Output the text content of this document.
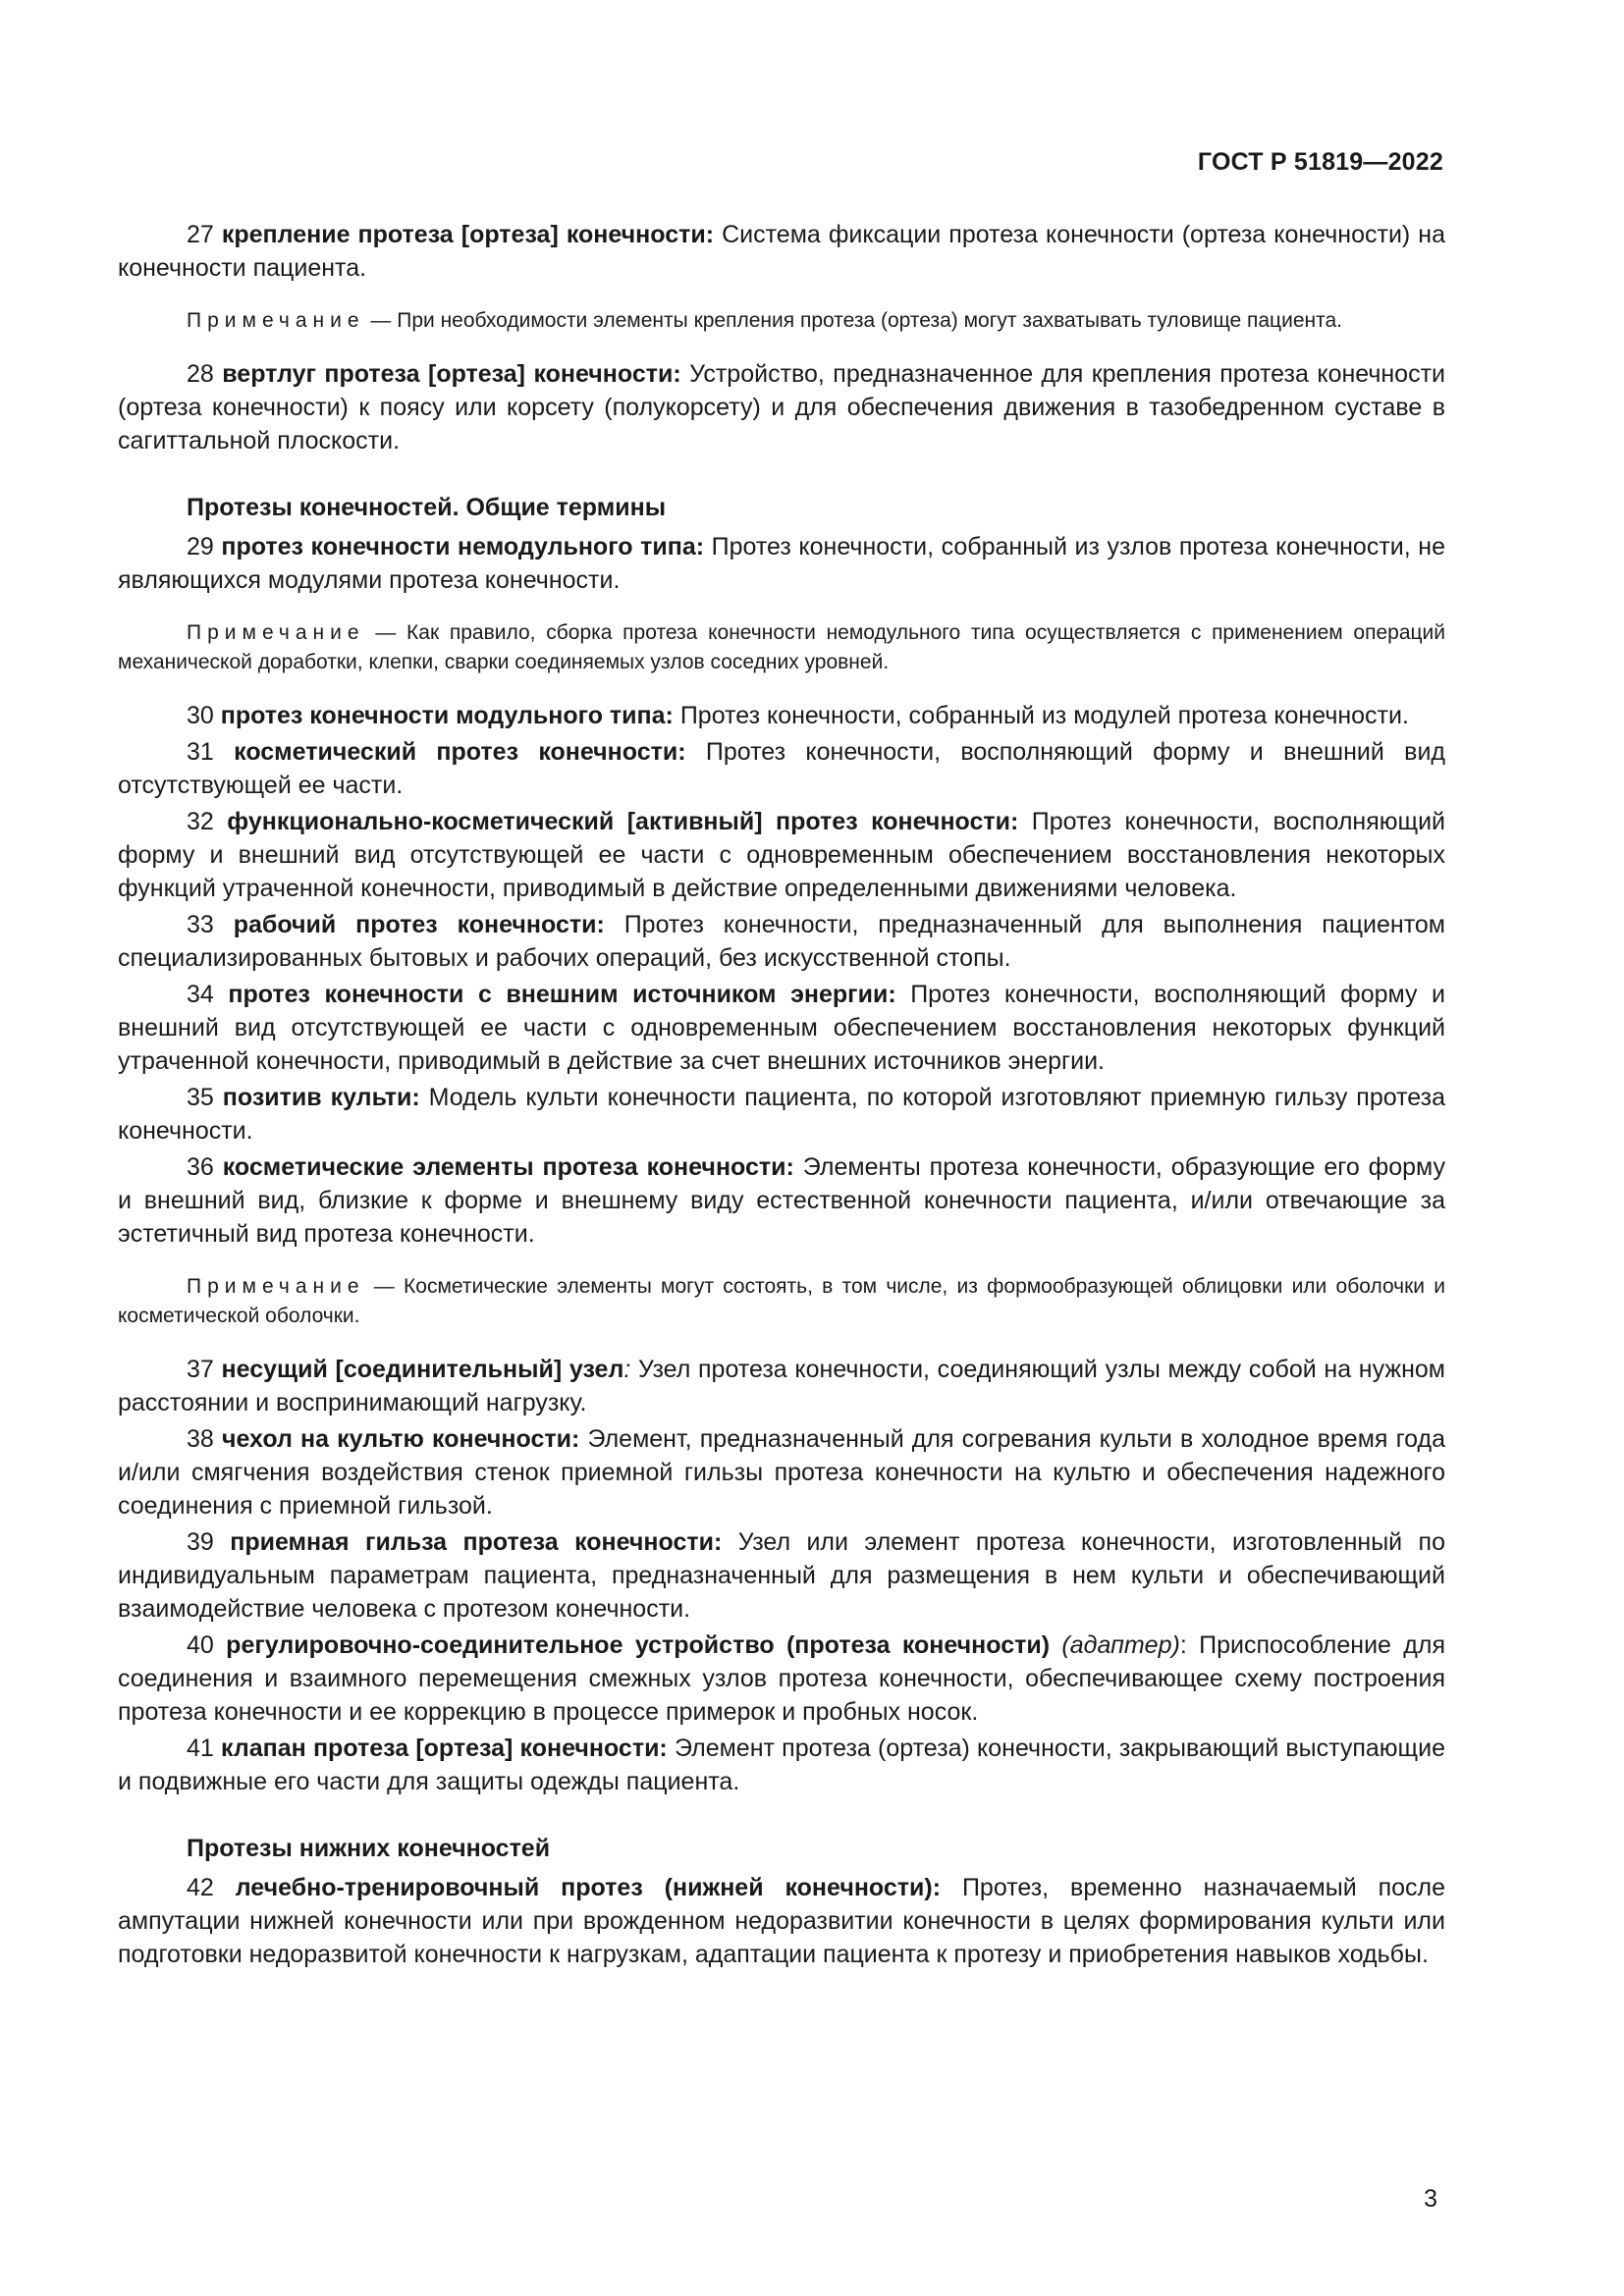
ГОСТ Р 51819—2022

27 крепление протеза [ортеза] конечности: Система фиксации протеза конечности (ортеза конечности) на конечности пациента.

Примечание — При необходимости элементы крепления протеза (ортеза) могут захватывать туловище пациента.

28 вертлуг протеза [ортеза] конечности: Устройство, предназначенное для крепления протеза конечности (ортеза конечности) к поясу или корсету (полукорсету) и для обеспечения движения в тазобедренном суставе в сагиттальной плоскости.

Протезы конечностей. Общие термины

29 протез конечности немодульного типа: Протез конечности, собранный из узлов протеза конечности, не являющихся модулями протеза конечности.

Примечание — Как правило, сборка протеза конечности немодульного типа осуществляется с применением операций механической доработки, клепки, сварки соединяемых узлов соседних уровней.

30 протез конечности модульного типа: Протез конечности, собранный из модулей протеза конечности.

31 косметический протез конечности: Протез конечности, восполняющий форму и внешний вид отсутствующей ее части.

32 функционально-косметический [активный] протез конечности: Протез конечности, восполняющий форму и внешний вид отсутствующей ее части с одновременным обеспечением восстановления некоторых функций утраченной конечности, приводимый в действие определенными движениями человека.

33 рабочий протез конечности: Протез конечности, предназначенный для выполнения пациентом специализированных бытовых и рабочих операций, без искусственной стопы.

34 протез конечности с внешним источником энергии: Протез конечности, восполняющий форму и внешний вид отсутствующей ее части с одновременным обеспечением восстановления некоторых функций утраченной конечности, приводимый в действие за счет внешних источников энергии.

35 позитив культи: Модель культи конечности пациента, по которой изготовляют приемную гильзу протеза конечности.

36 косметические элементы протеза конечности: Элементы протеза конечности, образующие его форму и внешний вид, близкие к форме и внешнему виду естественной конечности пациента, и/или отвечающие за эстетичный вид протеза конечности.

Примечание — Косметические элементы могут состоять, в том числе, из формообразующей облицовки или оболочки и косметической оболочки.

37 несущий [соединительный] узел: Узел протеза конечности, соединяющий узлы между собой на нужном расстоянии и воспринимающий нагрузку.

38 чехол на культю конечности: Элемент, предназначенный для согревания культи в холодное время года и/или смягчения воздействия стенок приемной гильзы протеза конечности на культю и обеспечения надежного соединения с приемной гильзой.

39 приемная гильза протеза конечности: Узел или элемент протеза конечности, изготовленный по индивидуальным параметрам пациента, предназначенный для размещения в нем культи и обеспечивающий взаимодействие человека с протезом конечности.

40 регулировочно-соединительное устройство (протеза конечности) (адаптер): Приспособление для соединения и взаимного перемещения смежных узлов протеза конечности, обеспечивающее схему построения протеза конечности и ее коррекцию в процессе примерок и пробных носок.

41 клапан протеза [ортеза] конечности: Элемент протеза (ортеза) конечности, закрывающий выступающие и подвижные его части для защиты одежды пациента.

Протезы нижних конечностей

42 лечебно-тренировочный протез (нижней конечности): Протез, временно назначаемый после ампутации нижней конечности или при врожденном недоразвитии конечности в целях формирования культи или подготовки недоразвитой конечности к нагрузкам, адаптации пациента к протезу и приобретения навыков ходьбы.

3
